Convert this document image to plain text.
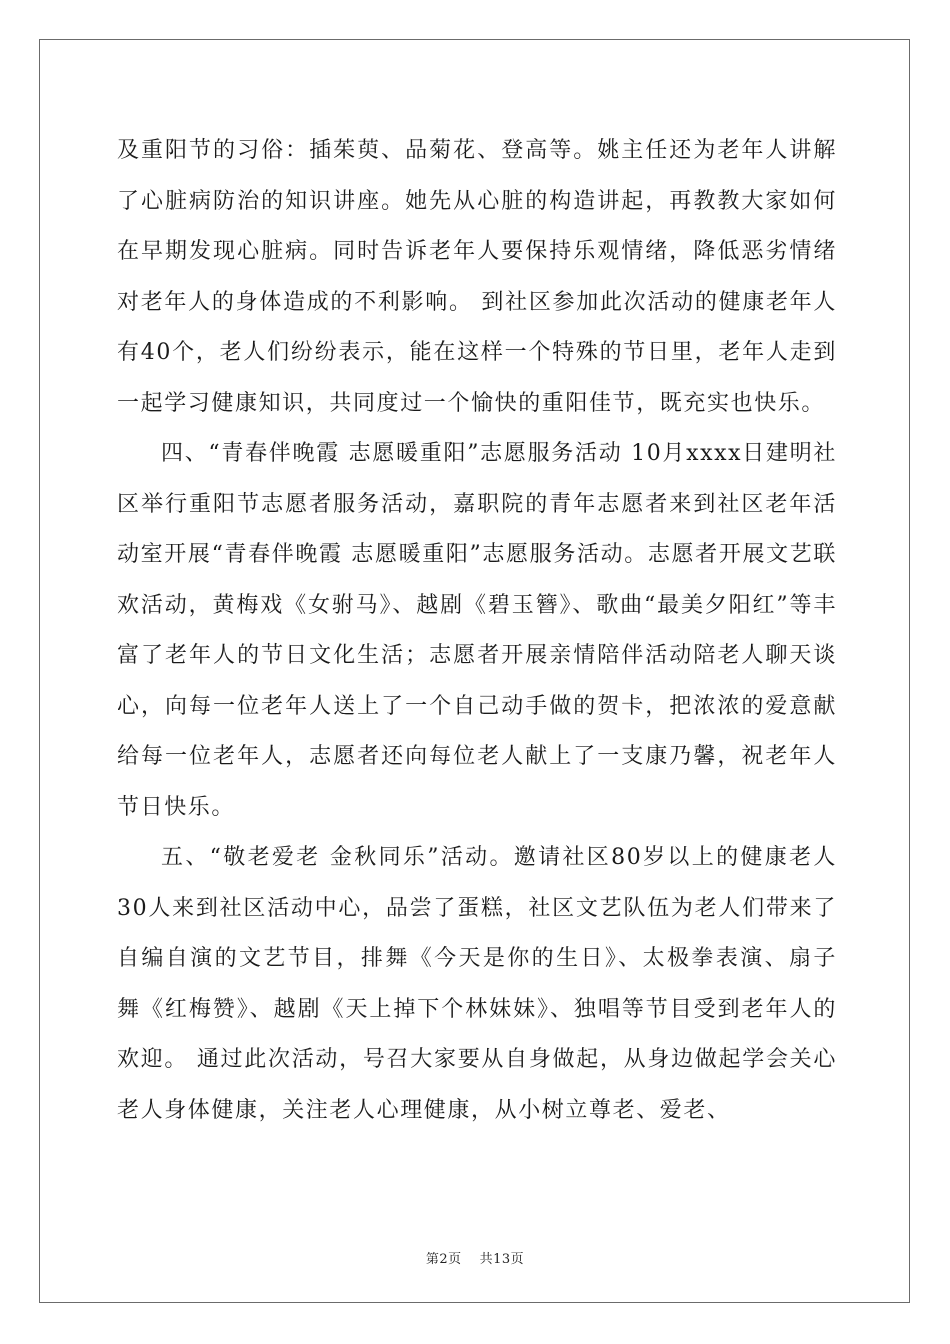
及重阳节的习俗：插茱萸、品菊花、登高等。姚主任还为老年人讲解了心脏病防治的知识讲座。她先从心脏的构造讲起，再教教大家如何在早期发现心脏病。同时告诉老年人要保持乐观情绪，降低恶劣情绪对老年人的身体造成的不利影响。 到社区参加此次活动的健康老年人有40个，老人们纷纷表示，能在这样一个特殊的节日里，老年人走到一起学习健康知识，共同度过一个愉快的重阳佳节，既充实也快乐。

四、“青春伴晚霞 志愿暖重阳”志愿服务活动 10月xxxx日建明社区举行重阳节志愿者服务活动，嘉职院的青年志愿者来到社区老年活动室开展“青春伴晚霞 志愿暖重阳”志愿服务活动。志愿者开展文艺联欢活动，黄梅戏《女驸马》、越剧《碧玉簪》、歌曲“最美夕阳红”等丰富了老年人的节日文化生活；志愿者开展亲情陪伴活动陪老人聊天谈心，向每一位老年人送上了一个自己动手做的贺卡，把浓浓的爱意献给每一位老年人，志愿者还向每位老人献上了一支康乃馨，祝老年人节日快乐。

五、“敬老爱老 金秋同乐”活动。邀请社区80岁以上的健康老人30人来到社区活动中心，品尝了蛋糕，社区文艺队伍为老人们带来了自编自演的文艺节目，排舞《今天是你的生日》、太极拳表演、扇子舞《红梅赞》、越剧《天上掉下个林妹妹》、独唱等节目受到老年人的欢迎。 通过此次活动，号召大家要从自身做起，从身边做起学会关心老人身体健康，关注老人心理健康，从小树立尊老、爱老、

第2页 共13页
